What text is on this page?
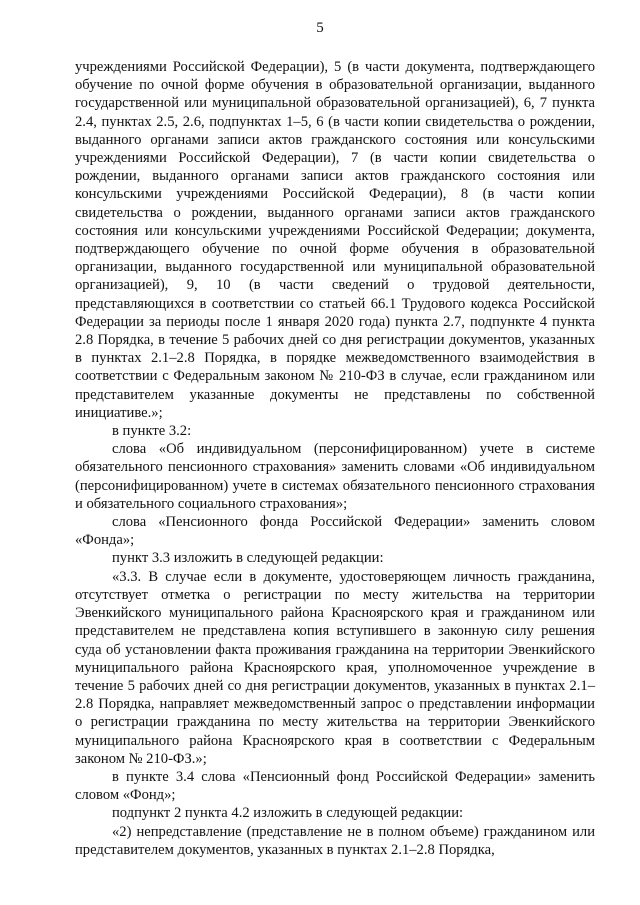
5

учреждениями Российской Федерации), 5 (в части документа, подтверждающего обучение по очной форме обучения в образовательной организации, выданного государственной или муниципальной образовательной организацией), 6, 7 пункта 2.4, пунктах 2.5, 2.6, подпунктах 1–5, 6 (в части копии свидетельства о рождении, выданного органами записи актов гражданского состояния или консульскими учреждениями Российской Федерации), 7 (в части копии свидетельства о рождении, выданного органами записи актов гражданского состояния или консульскими учреждениями Российской Федерации), 8 (в части копии свидетельства о рождении, выданного органами записи актов гражданского состояния или консульскими учреждениями Российской Федерации; документа, подтверждающего обучение по очной форме обучения в образовательной организации, выданного государственной или муниципальной образовательной организацией), 9, 10 (в части сведений о трудовой деятельности, представляющихся в соответствии со статьей 66.1 Трудового кодекса Российской Федерации за периоды после 1 января 2020 года) пункта 2.7, подпункте 4 пункта 2.8 Порядка, в течение 5 рабочих дней со дня регистрации документов, указанных в пунктах 2.1–2.8 Порядка, в порядке межведомственного взаимодействия в соответствии с Федеральным законом № 210-ФЗ в случае, если гражданином или представителем указанные документы не представлены по собственной инициативе.»;

в пункте 3.2:

слова «Об индивидуальном (персонифицированном) учете в системе обязательного пенсионного страхования» заменить словами «Об индивидуальном (персонифицированном) учете в системах обязательного пенсионного страхования и обязательного социального страхования»;

слова «Пенсионного фонда Российской Федерации» заменить словом «Фонда»;

пункт 3.3 изложить в следующей редакции:

«3.3. В случае если в документе, удостоверяющем личность гражданина, отсутствует отметка о регистрации по месту жительства на территории Эвенкийского муниципального района Красноярского края и гражданином или представителем не представлена копия вступившего в законную силу решения суда об установлении факта проживания гражданина на территории Эвенкийского муниципального района Красноярского края, уполномоченное учреждение в течение 5 рабочих дней со дня регистрации документов, указанных в пунктах 2.1–2.8 Порядка, направляет межведомственный запрос о представлении информации о регистрации гражданина по месту жительства на территории Эвенкийского муниципального района Красноярского края в соответствии с Федеральным законом № 210-ФЗ.»;

в пункте 3.4 слова «Пенсионный фонд Российской Федерации» заменить словом «Фонд»;

подпункт 2 пункта 4.2 изложить в следующей редакции:

«2) непредставление (представление не в полном объеме) гражданином или представителем документов, указанных в пунктах 2.1–2.8 Порядка,
